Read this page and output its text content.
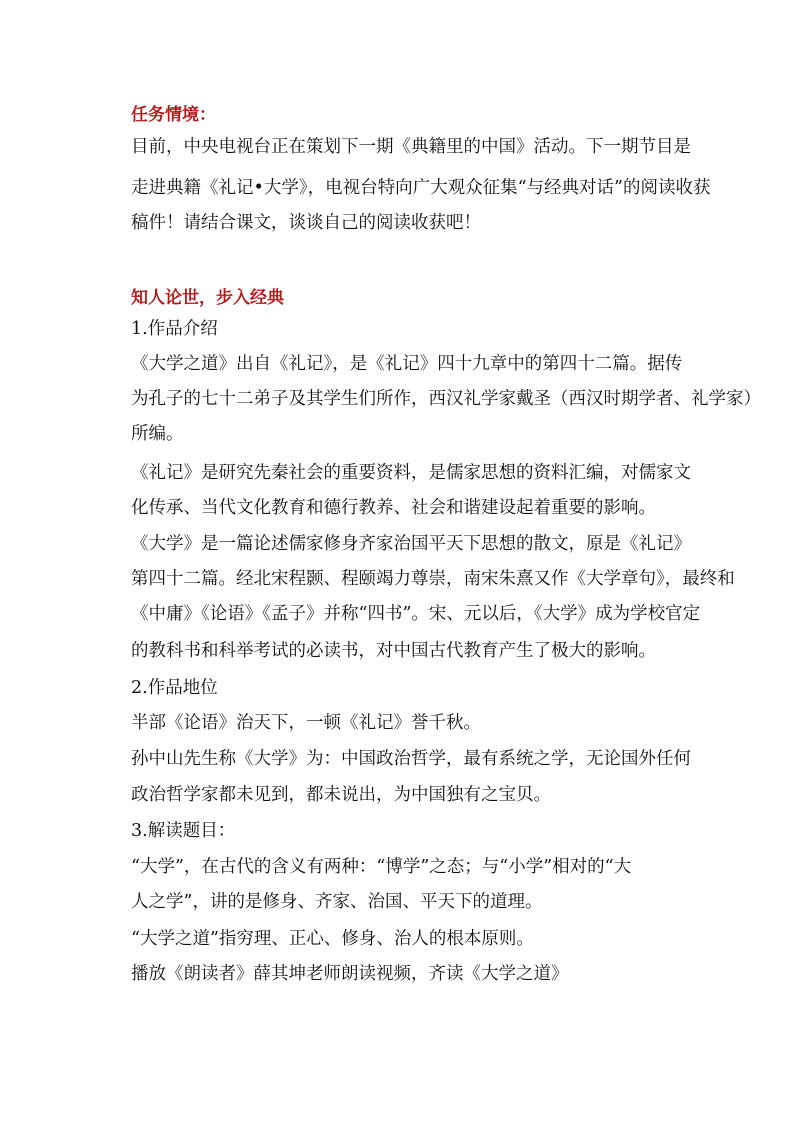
任务情境：
目前，中央电视台正在策划下一期《典籍里的中国》活动。下一期节目是
走进典籍《礼记•大学》，电视台特向广大观众征集“与经典对话”的阅读收获
稿件！请结合课文，谈谈自己的阅读收获吧！
知人论世，步入经典
1.作品介绍
《大学之道》出自《礼记》，是《礼记》四十九章中的第四十二篇。据传
为孔子的七十二弟子及其学生们所作，西汉礼学家戴圣（西汉时期学者、礼学家）
所编。
《礼记》是研究先秦社会的重要资料，是儒家思想的资料汇编，对儒家文
化传承、当代文化教育和德行教养、社会和谐建设起着重要的影响。
《大学》是一篇论述儒家修身齐家治国平天下思想的散文，原是《礼记》
第四十二篇。经北宋程颢、程颐竭力尊崇，南宋朱熹又作《大学章句》，最终和
《中庸》《论语》《孟子》并称“四书”。宋、元以后，《大学》成为学校官定
的教科书和科举考试的必读书，对中国古代教育产生了极大的影响。
2.作品地位
半部《论语》治天下，一顿《礼记》誉千秋。
孙中山先生称《大学》为：中国政治哲学，最有系统之学，无论国外任何
政治哲学家都未见到，都未说出，为中国独有之宝贝。
3.解读题目：
“大学”，在古代的含义有两种：“博学”之态；与“小学”相对的“大
人之学”，讲的是修身、齐家、治国、平天下的道理。
“大学之道”指穷理、正心、修身、治人的根本原则。
播放《朗读者》薛其坤老师朗读视频，齐读《大学之道》
